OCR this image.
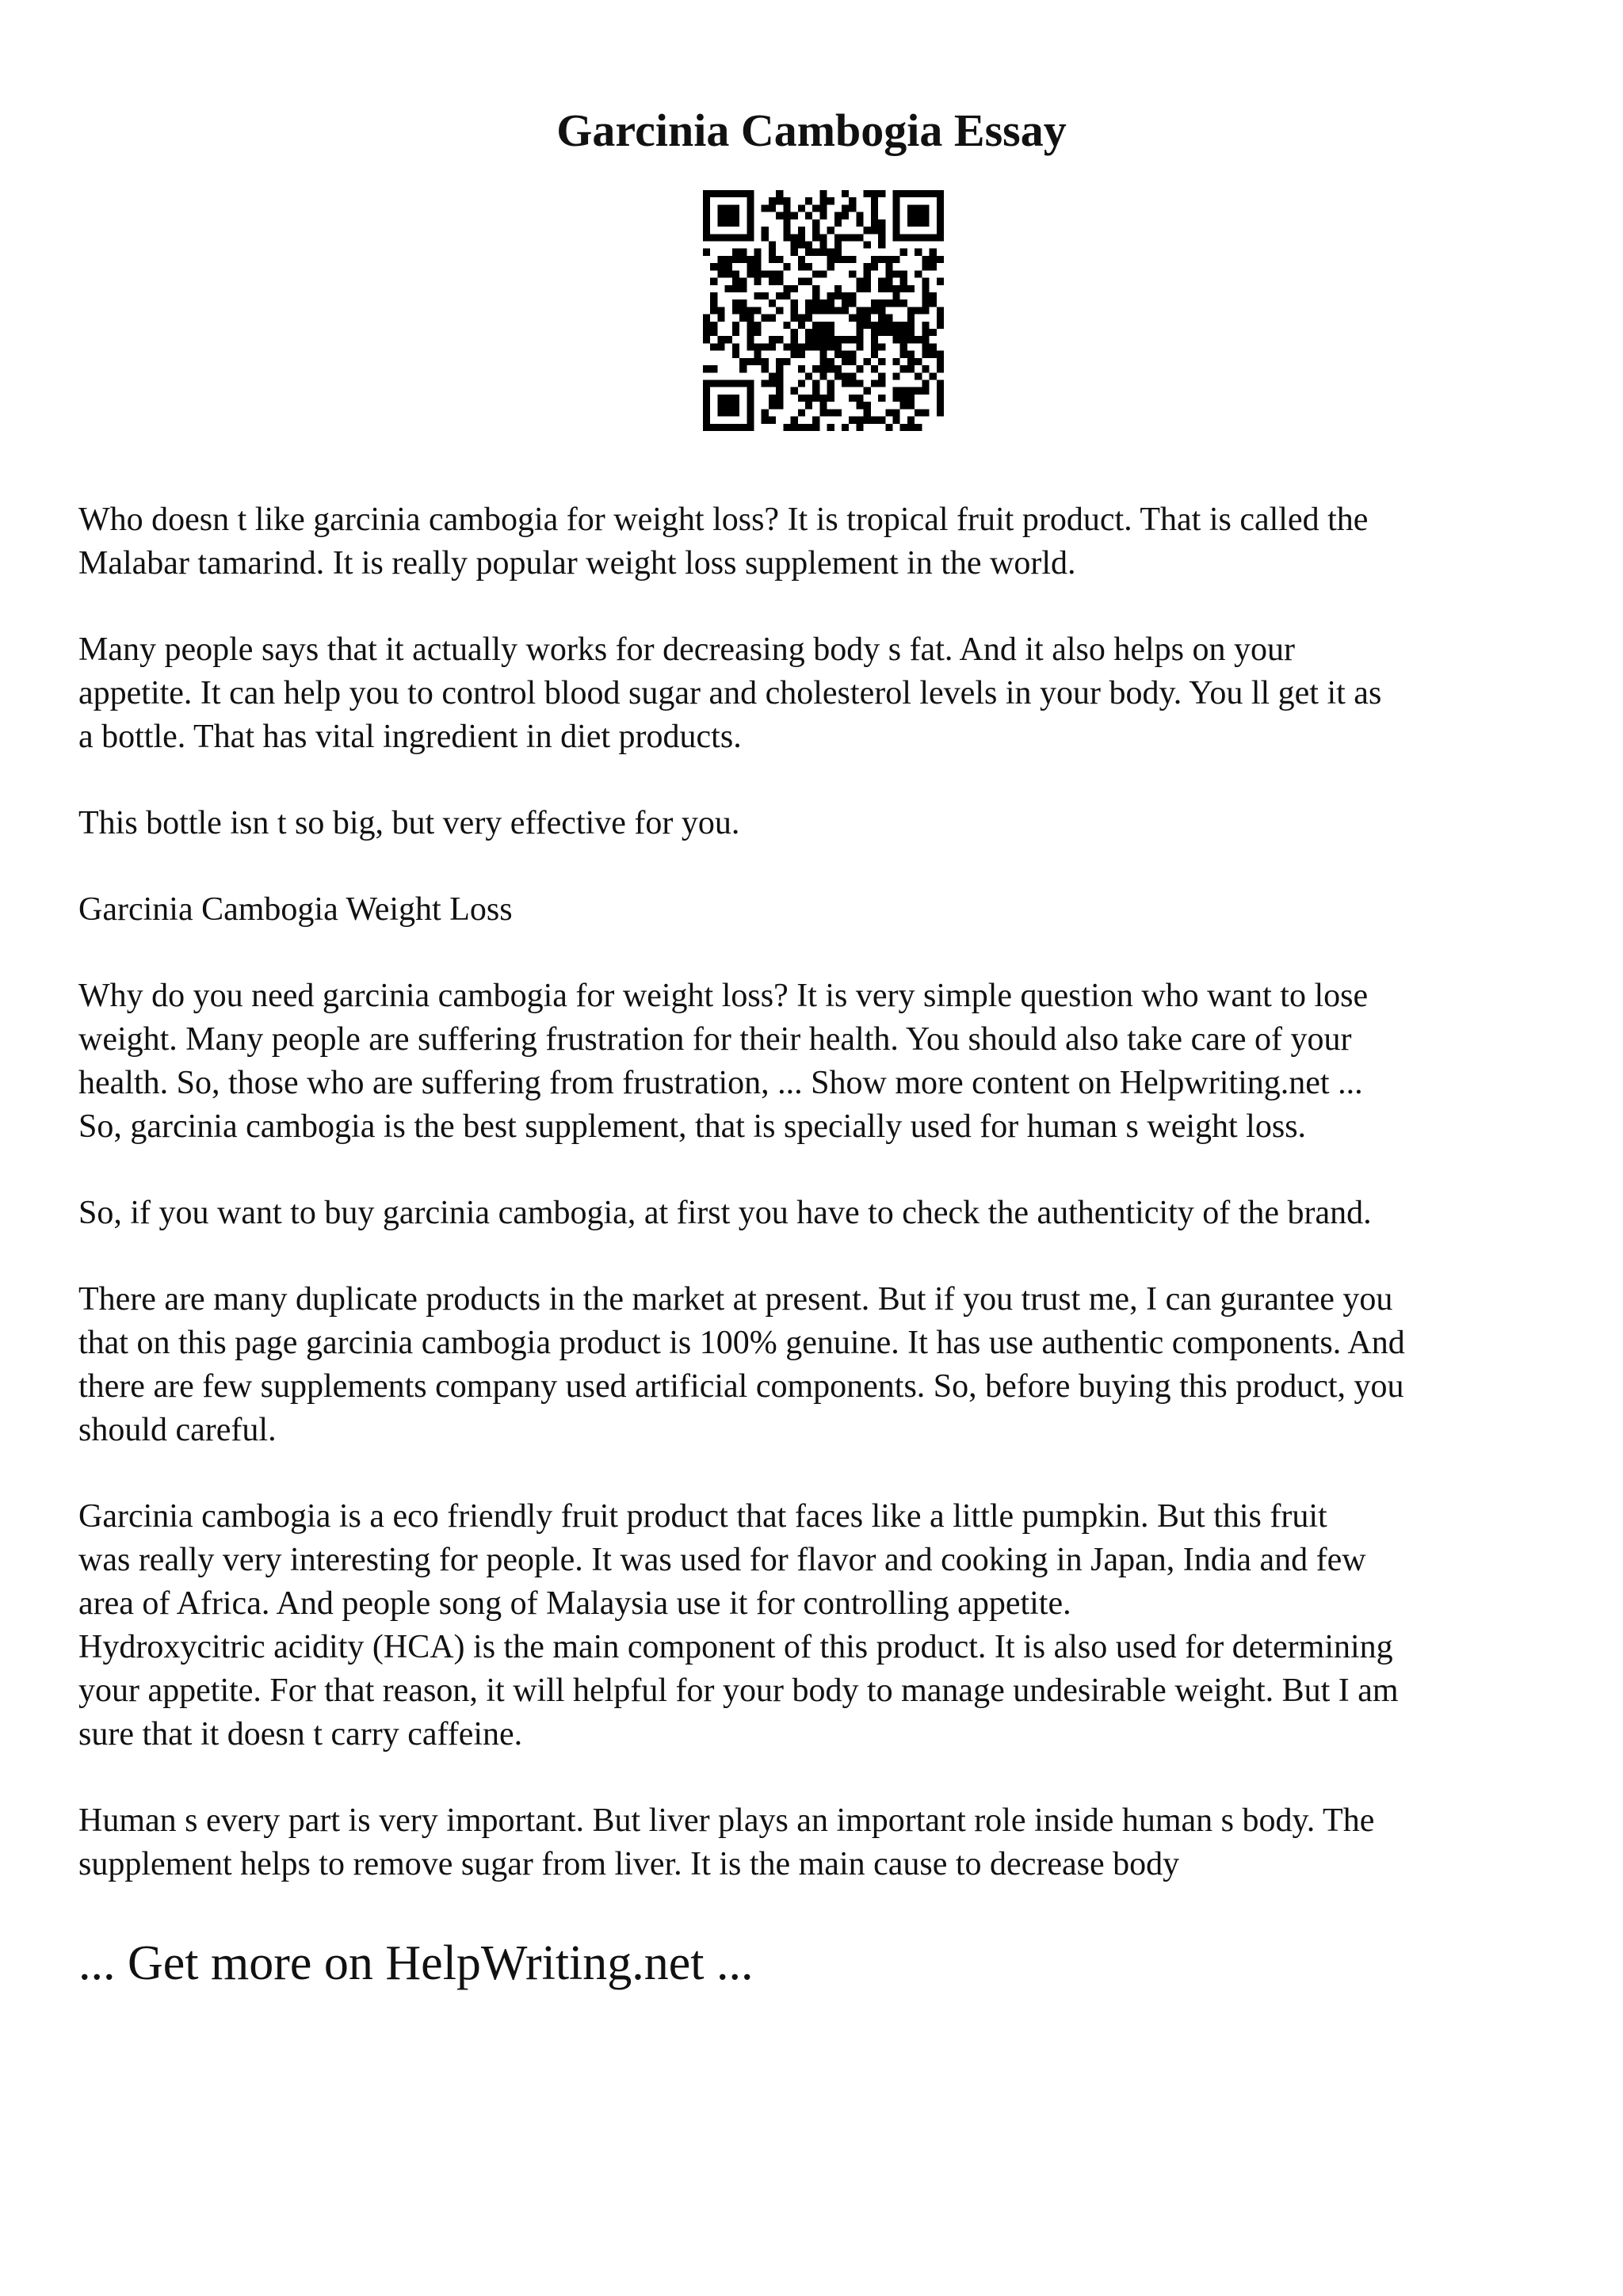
Garcinia Cambogia Essay

Who doesn t like garcinia cambogia for weight loss? It is tropical fruit product. That is called the
Malabar tamarind. It is really popular weight loss supplement in the world.

Many people says that it actually works for decreasing body s fat. And it also helps on your
appetite. It can help you to control blood sugar and cholesterol levels in your body. You ll get it as
a bottle. That has vital ingredient in diet products.

This bottle isn t so big, but very effective for you.

Garcinia Cambogia Weight Loss

Why do you need garcinia cambogia for weight loss? It is very simple question who want to lose
weight. Many people are suffering frustration for their health. You should also take care of your
health. So, those who are suffering from frustration, ... Show more content on Helpwriting.net ...
So, garcinia cambogia is the best supplement, that is specially used for human s weight loss.

So, if you want to buy garcinia cambogia, at first you have to check the authenticity of the brand.

There are many duplicate products in the market at present. But if you trust me, I can gurantee you
that on this page garcinia cambogia product is 100% genuine. It has use authentic components. And
there are few supplements company used artificial components. So, before buying this product, you
should careful.

Garcinia cambogia is a eco friendly fruit product that faces like a little pumpkin. But this fruit
was really very interesting for people. It was used for flavor and cooking in Japan, India and few
area of Africa. And people song of Malaysia use it for controlling appetite.

Hydroxycitric acidity (HCA) is the main component of this product. It is also used for determining
your appetite. For that reason, it will helpful for your body to manage undesirable weight. But I am
sure that it doesn t carry caffeine.

Human s every part is very important. But liver plays an important role inside human s body. The
supplement helps to remove sugar from liver. It is the main cause to decrease body

... Get more on HelpWriting.net ...
